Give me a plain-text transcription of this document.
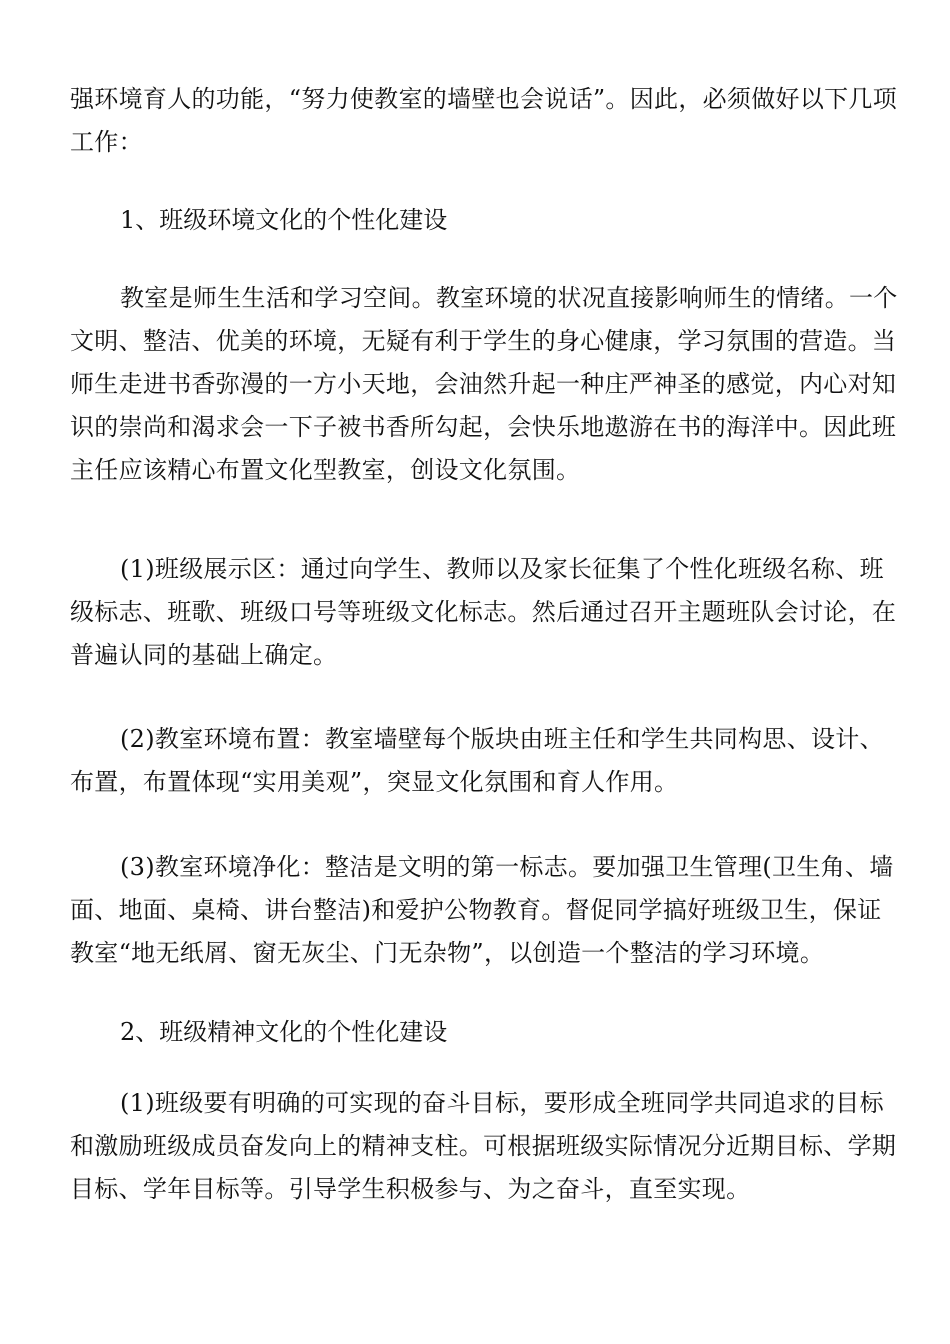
强环境育人的功能，“努力使教室的墙壁也会说话”。因此，必须做好以下几项工作：

1、班级环境文化的个性化建设

教室是师生生活和学习空间。教室环境的状况直接影响师生的情绪。一个文明、整洁、优美的环境，无疑有利于学生的身心健康，学习氛围的营造。当师生走进书香弥漫的一方小天地，会油然升起一种庄严神圣的感觉，内心对知识的崇尚和渴求会一下子被书香所勾起，会快乐地遨游在书的海洋中。因此班主任应该精心布置文化型教室，创设文化氛围。

(1)班级展示区：通过向学生、教师以及家长征集了个性化班级名称、班级标志、班歌、班级口号等班级文化标志。然后通过召开主题班队会讨论，在普遍认同的基础上确定。

(2)教室环境布置：教室墙壁每个版块由班主任和学生共同构思、设计、布置，布置体现“实用美观”，突显文化氛围和育人作用。

(3)教室环境净化：整洁是文明的第一标志。要加强卫生管理(卫生角、墙面、地面、桌椅、讲台整洁)和爱护公物教育。督促同学搞好班级卫生，保证教室“地无纸屑、窗无灰尘、门无杂物”，以创造一个整洁的学习环境。

2、班级精神文化的个性化建设

(1)班级要有明确的可实现的奋斗目标，要形成全班同学共同追求的目标和激励班级成员奋发向上的精神支柱。可根据班级实际情况分近期目标、学期目标、学年目标等。引导学生积极参与、为之奋斗，直至实现。
